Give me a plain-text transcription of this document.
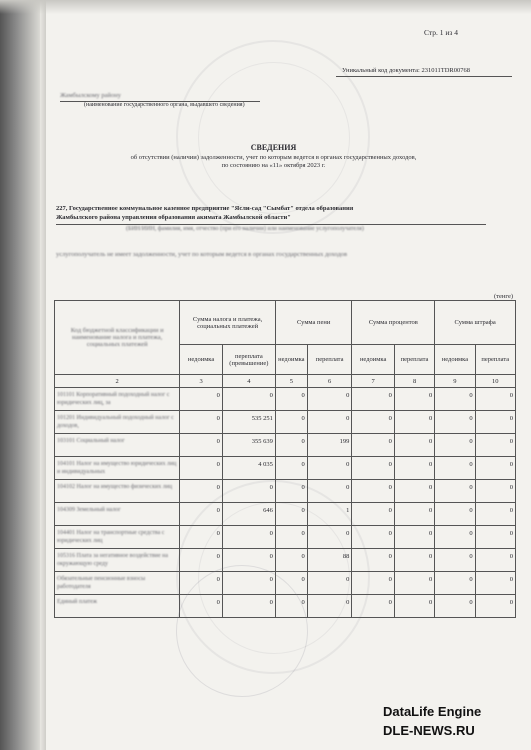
Стр. 1 из 4
Уникальный код документа: 231011TDR00768
Жамбылскому району
(наименование государственного органа, выдавшего сведения)
СВЕДЕНИЯ
об отсутствии (наличии) задолженности, учет по которым ведется в органах государственных доходов,
по состоянию на «11» октября 2023 г.
227, Государственное коммунальное казенное предприятие "Ясли-сад "Сымбат" отдела образования
Жамбылского района управления образования акимата Жамбылской области"
(БИН/ИИН, фамилия, имя, отчество (при его наличии) или наименование услугополучателя)
услугополучатель не имеет задолженности, учет по которым ведется в органах государственных доходов
(тенге)
Код бюджетной классификации и наименование налога и платежа, социальных платежей	Сумма налога и платежа, социальных платежей		Сумма пени		Сумма процентов		Сумма штрафа	
	недоимка	переплата (превышение)	недоимка	переплата	недоимка	переплата	недоимка	переплата
2	3	4	5	6	7	8	9	10
101101 Корпоративный подоходный налог с юридических лиц, за	0	0	0	0	0	0	0	0
101201 Индивидуальный подоходный налог с доходов,	0	535 251	0	0	0	0	0	0
103101 Социальный налог	0	355 639	0	199	0	0	0	0
104101 Налог на имущество юридических лиц и индивидуальных	0	4 035	0	0	0	0	0	0
104102 Налог на имущество физических лиц	0	0	0	0	0	0	0	0
104309 Земельный налог	0	646	0	1	0	0	0	0
104401 Налог на транспортные средства с юридических лиц	0	0	0	0	0	0	0	0
105316 Плата за негативное воздействие на окружающую среду	0	0	0	88	0	0	0	0
Обязательные пенсионные взносы работодателя	0	0	0	0	0	0	0	0
Единый платеж	0	0	0	0	0	0	0	0
DataLife Engine
DLE-NEWS.RU
